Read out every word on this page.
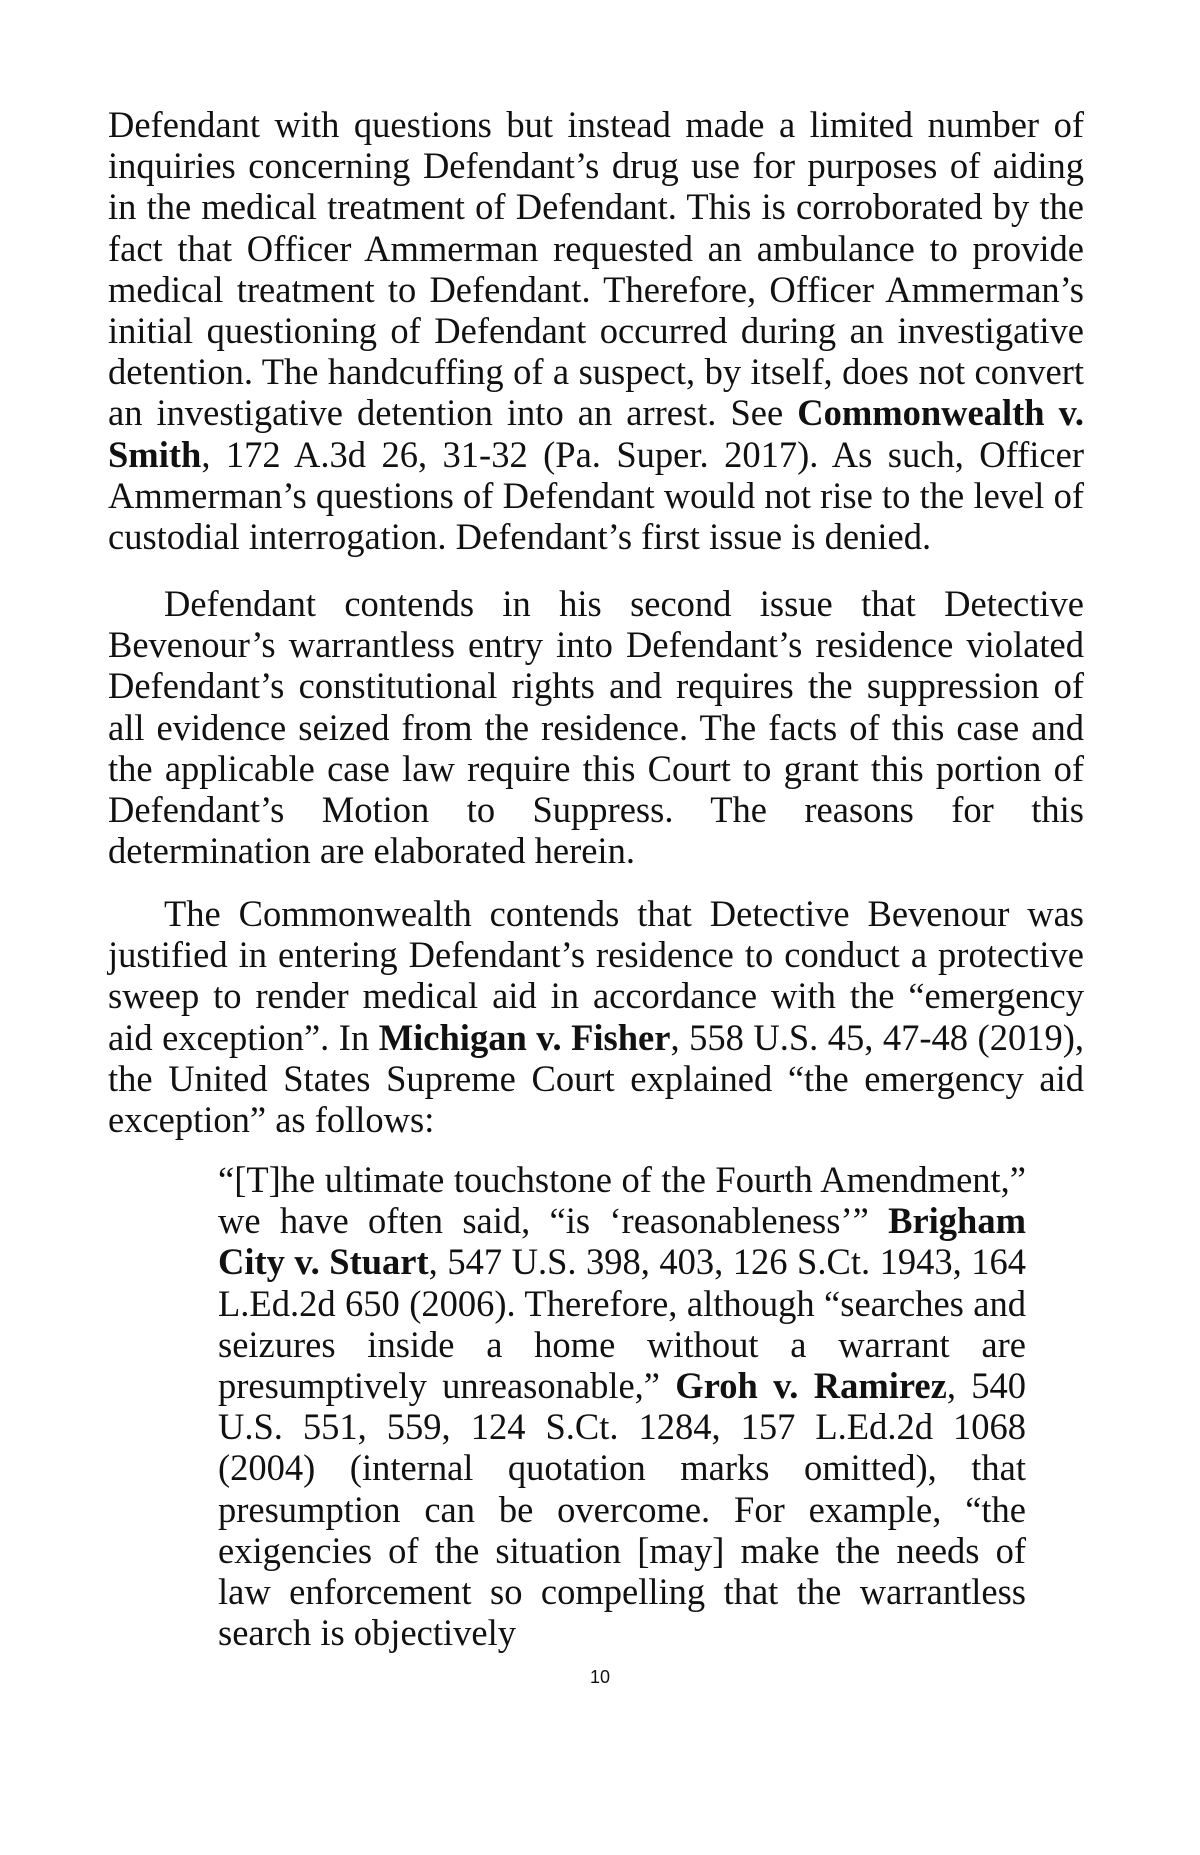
Defendant with questions but instead made a limited number of inquiries concerning Defendant’s drug use for purposes of aiding in the medical treatment of Defendant. This is corroborated by the fact that Officer Ammerman requested an ambulance to provide medical treatment to Defendant. Therefore, Officer Ammerman’s initial questioning of Defendant occurred during an investigative detention. The handcuffing of a suspect, by itself, does not convert an investigative detention into an arrest. See Commonwealth v. Smith, 172 A.3d 26, 31-32 (Pa. Super. 2017). As such, Officer Ammerman’s questions of Defendant would not rise to the level of custodial interrogation. Defendant’s first issue is denied.

Defendant contends in his second issue that Detective Bevenour’s warrantless entry into Defendant’s residence violated Defendant’s constitutional rights and requires the suppression of all evidence seized from the residence. The facts of this case and the applicable case law require this Court to grant this portion of Defendant’s Motion to Suppress. The reasons for this determination are elaborated herein.

The Commonwealth contends that Detective Bevenour was justified in entering Defendant’s residence to conduct a protective sweep to render medical aid in accordance with the “emergency aid exception”. In Michigan v. Fisher, 558 U.S. 45, 47-48 (2019), the United States Supreme Court explained “the emergency aid exception” as follows:

“[T]he ultimate touchstone of the Fourth Amendment,” we have often said, “is ‘reasonableness’” Brigham City v. Stuart, 547 U.S. 398, 403, 126 S.Ct. 1943, 164 L.Ed.2d 650 (2006). Therefore, although “searches and seizures inside a home without a warrant are presumptively unreasonable,” Groh v. Ramirez, 540 U.S. 551, 559, 124 S.Ct. 1284, 157 L.Ed.2d 1068 (2004) (internal quotation marks omitted), that presumption can be overcome. For example, “the exigencies of the situation [may] make the needs of law enforcement so compelling that the warrantless search is objectively

10
